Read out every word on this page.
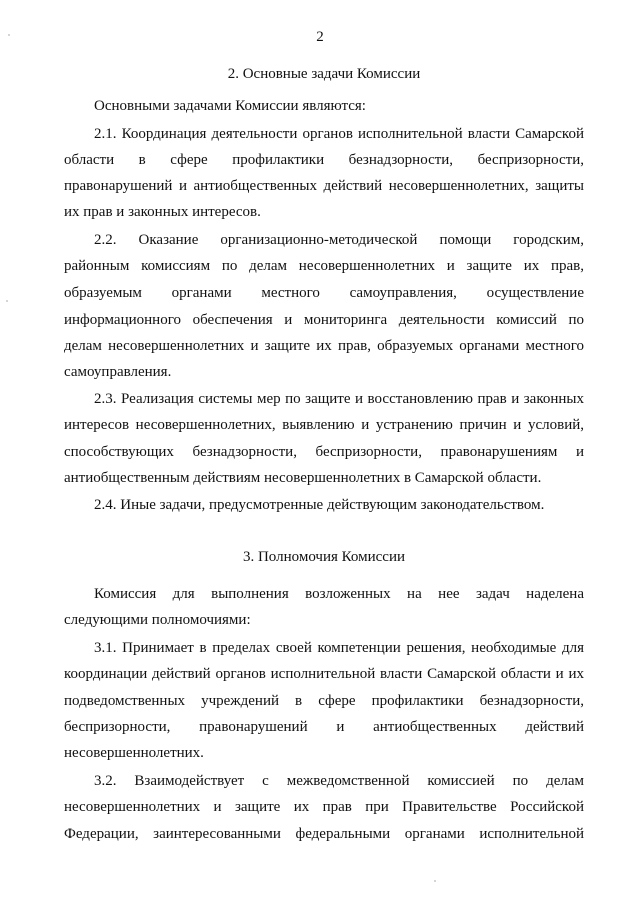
2
2. Основные задачи Комиссии
Основными задачами Комиссии являются:
2.1. Координация деятельности органов исполнительной власти Самарской
области в сфере профилактики безнадзорности, беспризорности,
правонарушений и антиобщественных действий несовершеннолетних, защиты
их прав и законных интересов.
2.2. Оказание организационно-методической помощи городским,
районным комиссиям по делам несовершеннолетних и защите их прав,
образуемым органами местного самоуправления, осуществление
информационного обеспечения и мониторинга деятельности комиссий по
делам несовершеннолетних и защите их прав, образуемых органами местного
самоуправления.
2.3. Реализация системы мер по защите и восстановлению прав и законных
интересов несовершеннолетних, выявлению и устранению причин и условий,
способствующих безнадзорности, беспризорности, правонарушениям и
антиобщественным действиям несовершеннолетних в Самарской области.
2.4. Иные задачи, предусмотренные действующим законодательством.
3. Полномочия Комиссии
Комиссия для выполнения возложенных на нее задач наделена
следующими полномочиями:
3.1. Принимает в пределах своей компетенции решения, необходимые для
координации действий органов исполнительной власти Самарской области и их
подведомственных учреждений в сфере профилактики безнадзорности,
беспризорности, правонарушений и антиобщественных действий
несовершеннолетних.
3.2. Взаимодействует с межведомственной комиссией по делам
несовершеннолетних и защите их прав при Правительстве Российской
Федерации, заинтересованными федеральными органами исполнительной
